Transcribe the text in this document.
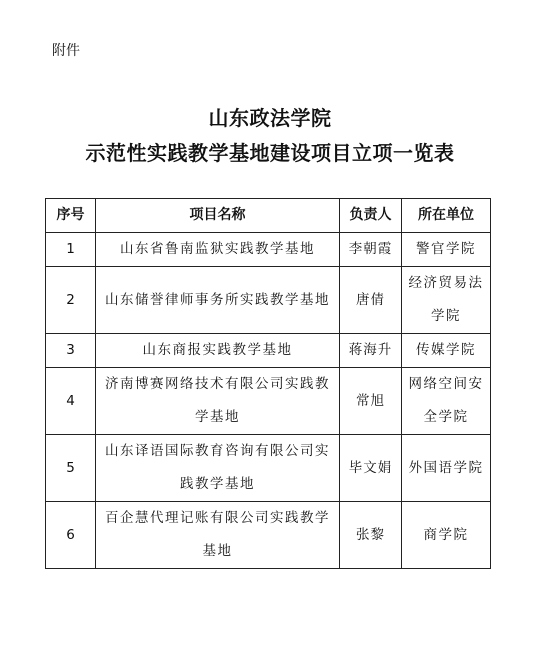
附件
山东政法学院
示范性实践教学基地建设项目立项一览表
序号	项目名称	负责人	所在单位
1	山东省鲁南监狱实践教学基地	李朝霞	警官学院
2	山东储誉律师事务所实践教学基地	唐倩	经济贸易法学院
3	山东商报实践教学基地	蒋海升	传媒学院
4	济南博赛网络技术有限公司实践教学基地	常旭	网络空间安全学院
5	山东译语国际教育咨询有限公司实践教学基地	毕文娟	外国语学院
6	百企慧代理记账有限公司实践教学基地	张黎	商学院
